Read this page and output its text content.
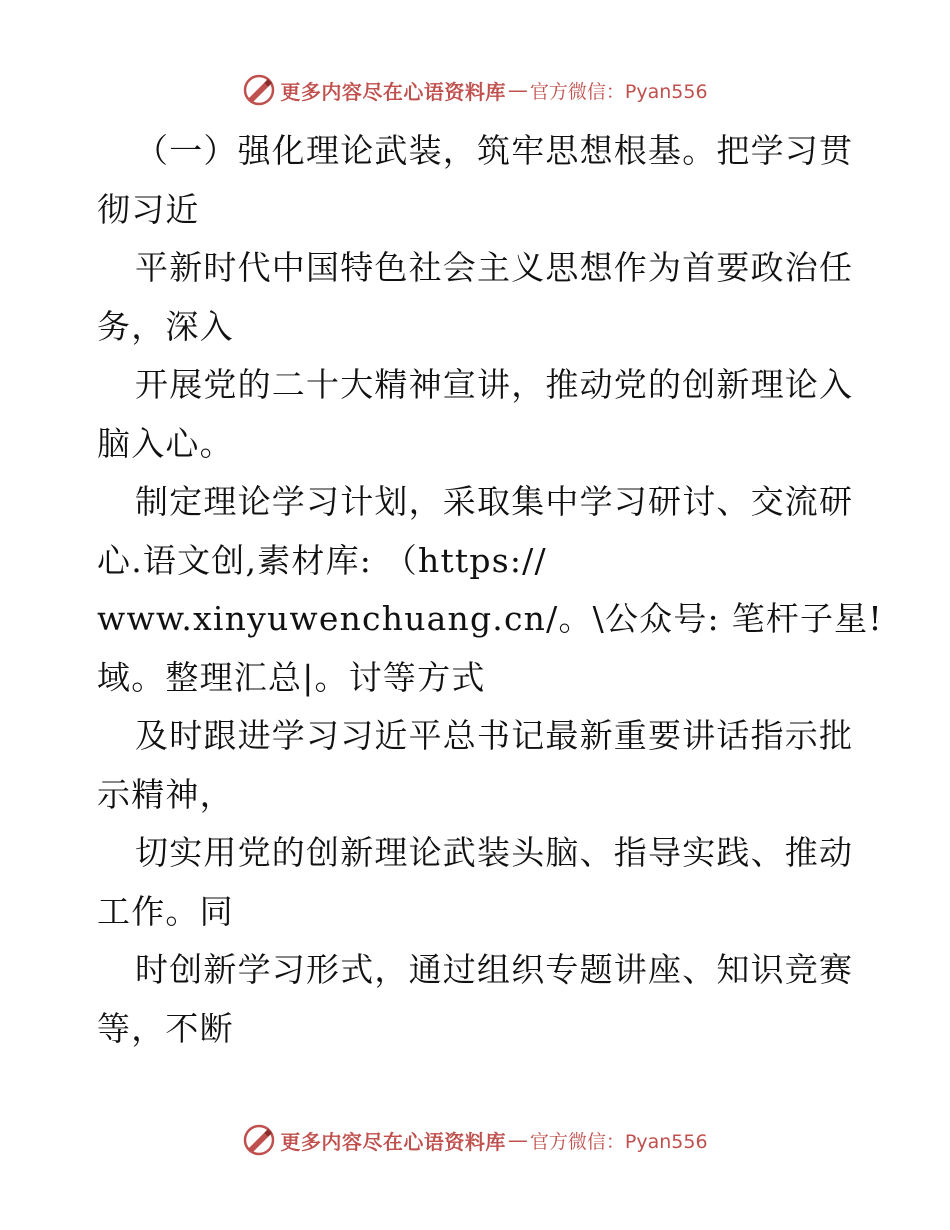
更多内容尽在心语资料库 — 官方微信：Pyan556
（一）强化理论武装，筑牢思想根基。把学习贯
彻习近
平新时代中国特色社会主义思想作为首要政治任
务，深入
开展党的二十大精神宣讲，推动党的创新理论入
脑入心。
制定理论学习计划，采取集中学习研讨、交流研
心.语文创,素材库: （https://
www.xinyuwenchuang.cn/。\公众号: 笔杆子星!
域。整理汇总|。讨等方式
及时跟进学习习近平总书记最新重要讲话指示批
示精神，
切实用党的创新理论武装头脑、指导实践、推动
工作。同
时创新学习形式，通过组织专题讲座、知识竞赛
等，不断
更多内容尽在心语资料库 — 官方微信：Pyan556
